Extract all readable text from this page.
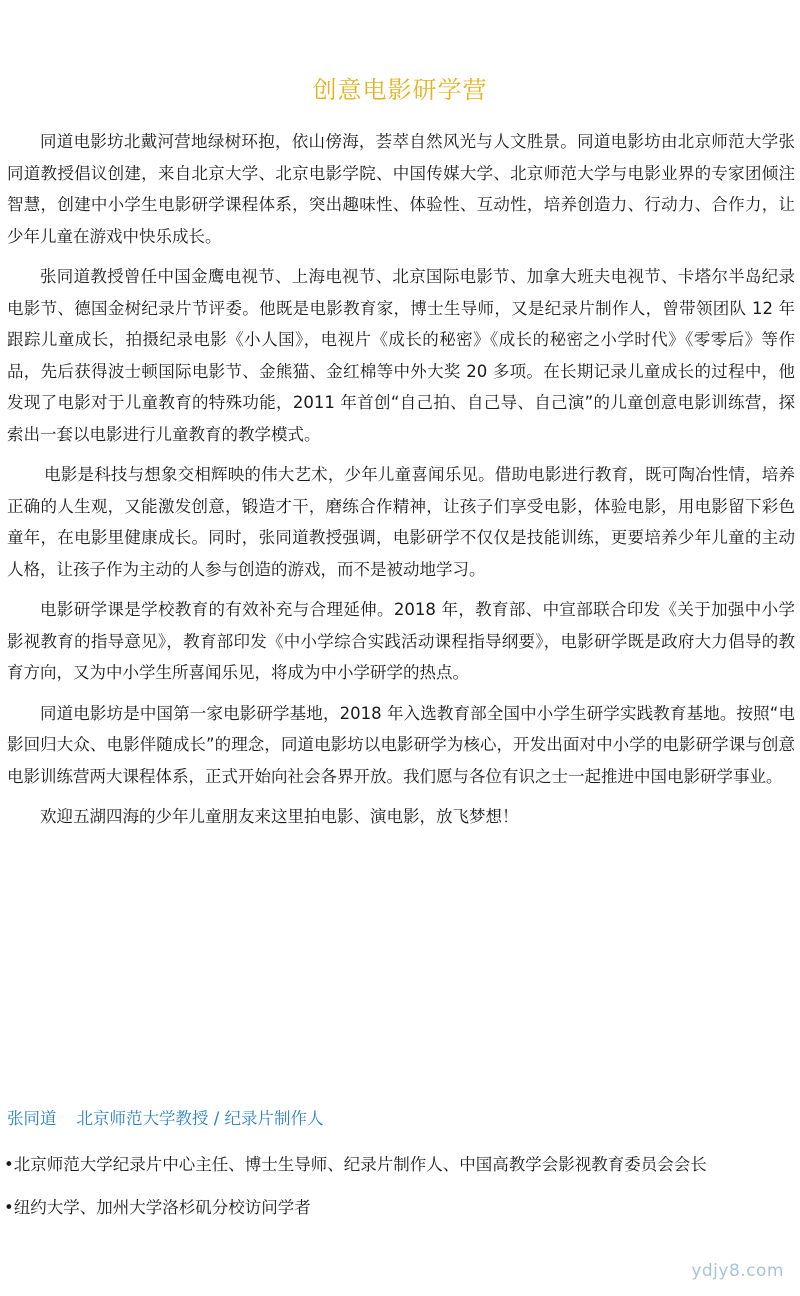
创意电影研学营

同道电影坊北戴河营地绿树环抱，依山傍海，荟萃自然风光与人文胜景。同道电影坊由北京师范大学张同道教授倡议创建，来自北京大学、北京电影学院、中国传媒大学、北京师范大学与电影业界的专家团倾注智慧，创建中小学生电影研学课程体系，突出趣味性、体验性、互动性，培养创造力、行动力、合作力，让少年儿童在游戏中快乐成长。

张同道教授曾任中国金鹰电视节、上海电视节、北京国际电影节、加拿大班夫电视节、卡塔尔半岛纪录电影节、德国金树纪录片节评委。他既是电影教育家，博士生导师，又是纪录片制作人，曾带领团队 12 年跟踪儿童成长，拍摄纪录电影《小人国》，电视片《成长的秘密》《成长的秘密之小学时代》《零零后》等作品，先后获得波士顿国际电影节、金熊猫、金红棉等中外大奖 20 多项。在长期记录儿童成长的过程中，他发现了电影对于儿童教育的特殊功能，2011 年首创“自己拍、自己导、自己演”的儿童创意电影训练营，探索出一套以电影进行儿童教育的教学模式。

电影是科技与想象交相辉映的伟大艺术，少年儿童喜闻乐见。借助电影进行教育，既可陶冶性情，培养正确的人生观，又能激发创意，锻造才干，磨练合作精神，让孩子们享受电影，体验电影，用电影留下彩色童年，在电影里健康成长。同时，张同道教授强调，电影研学不仅仅是技能训练，更要培养少年儿童的主动人格，让孩子作为主动的人参与创造的游戏，而不是被动地学习。

电影研学课是学校教育的有效补充与合理延伸。2018 年，教育部、中宣部联合印发《关于加强中小学影视教育的指导意见》，教育部印发《中小学综合实践活动课程指导纲要》，电影研学既是政府大力倡导的教育方向，又为中小学生所喜闻乐见，将成为中小学研学的热点。

同道电影坊是中国第一家电影研学基地，2018 年入选教育部全国中小学生研学实践教育基地。按照“电影回归大众、电影伴随成长”的理念，同道电影坊以电影研学为核心，开发出面对中小学的电影研学课与创意电影训练营两大课程体系，正式开始向社会各界开放。我们愿与各位有识之士一起推进中国电影研学事业。

欢迎五湖四海的少年儿童朋友来这里拍电影、演电影，放飞梦想！

张同道 北京师范大学教授 / 纪录片制作人
•北京师范大学纪录片中心主任、博士生导师、纪录片制作人、中国高教学会影视教育委员会会长
•纽约大学、加州大学洛杉矶分校访问学者
ydjy8.com
